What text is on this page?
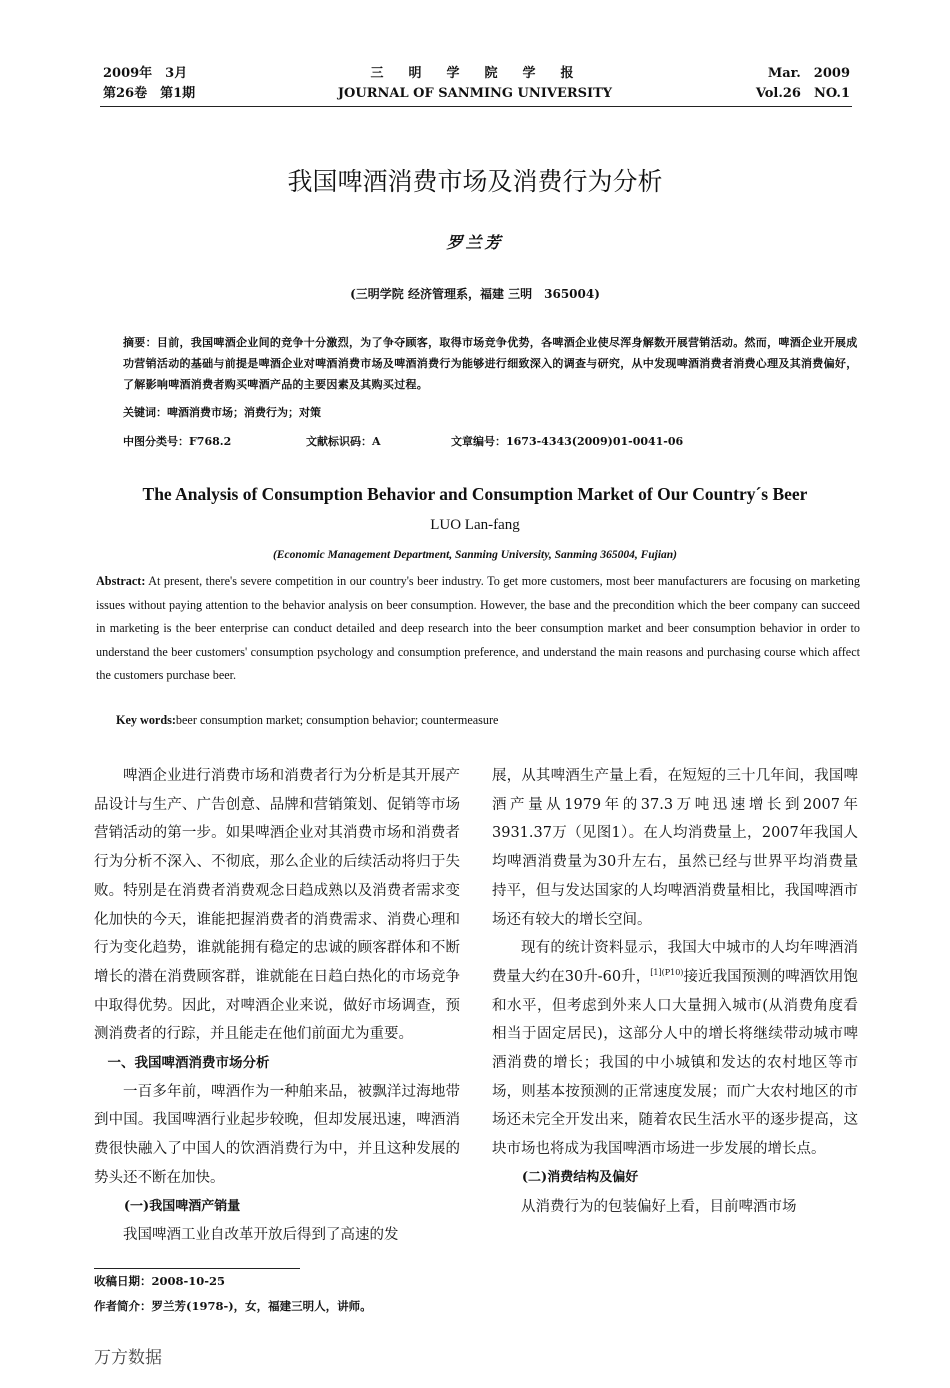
2009年　3月
第26卷　第1期
三　明　学　院　学　报
JOURNAL OF SANMING UNIVERSITY
Mar.　2009
Vol.26　NO.1
我国啤酒消费市场及消费行为分析
罗兰芳
(三明学院 经济管理系，福建 三明　365004)
摘要：目前，我国啤酒企业间的竞争十分激烈，为了争夺顾客，取得市场竞争优势，各啤酒企业使尽浑身解数开展营销活动。然而，啤酒企业开展成功营销活动的基础与前提是啤酒企业对啤酒消费市场及啤酒消费行为能够进行细致深入的调查与研究，从中发现啤酒消费者消费心理及其消费偏好，了解影响啤酒消费者购买啤酒产品的主要因素及其购买过程。
关键词：啤酒消费市场；消费行为；对策
中图分类号：F768.2	文献标识码：A	文章编号：1673-4343(2009)01-0041-06
The Analysis of Consumption Behavior and Consumption Market of Our Country´s Beer
LUO Lan-fang
(Economic Management Department, Sanming University, Sanming 365004, Fujian)
Abstract: At present, there's severe competition in our country's beer industry. To get more customers, most beer manufacturers are focusing on marketing issues without paying attention to the behavior analysis on beer consumption. However, the base and the precondition which the beer company can succeed in marketing is the beer enterprise can conduct detailed and deep research into the beer consumption market and beer consumption behavior in order to understand the beer customers' consumption psychology and consumption preference, and understand the main reasons and purchasing course which affect the customers purchase beer.
Key words:beer consumption market; consumption behavior; countermeasure

啤酒企业进行消费市场和消费者行为分析是其开展产品设计与生产、广告创意、品牌和营销策划、促销等市场营销活动的第一步。如果啤酒企业对其消费市场和消费者行为分析不深入、不彻底，那么企业的后续活动将归于失败。特别是在消费者消费观念日趋成熟以及消费者需求变化加快的今天，谁能把握消费者的消费需求、消费心理和行为变化趋势，谁就能拥有稳定的忠诚的顾客群体和不断增长的潜在消费顾客群，谁就能在日趋白热化的市场竞争中取得优势。因此，对啤酒企业来说，做好市场调查，预测消费者的行踪，并且能走在他们前面尤为重要。

一、我国啤酒消费市场分析

一百多年前，啤酒作为一种舶来品，被飘洋过海地带到中国。我国啤酒行业起步较晚，但却发展迅速，啤酒消费很快融入了中国人的饮酒消费行为中，并且这种发展的势头还不断在加快。

(一)我国啤酒产销量

我国啤酒工业自改革开放后得到了高速的发

展，从其啤酒生产量上看，在短短的三十几年间，我国啤酒产量从1979年的37.3万吨迅速增长到2007年3931.37万（见图1）。在人均消费量上，2007年我国人均啤酒消费量为30升左右，虽然已经与世界平均消费量持平，但与发达国家的人均啤酒消费量相比，我国啤酒市场还有较大的增长空间。

现有的统计资料显示，我国大中城市的人均年啤酒消费量大约在30升-60升，$^{[1](P10)}$接近我国预测的啤酒饮用饱和水平，但考虑到外来人口大量拥入城市(从消费角度看相当于固定居民)，这部分人中的增长将继续带动城市啤酒消费的增长；我国的中小城镇和发达的农村地区等市场，则基本按预测的正常速度发展；而广大农村地区的市场还未完全开发出来，随着农民生活水平的逐步提高，这块市场也将成为我国啤酒市场进一步发展的增长点。

(二)消费结构及偏好

从消费行为的包装偏好上看，目前啤酒市场

收稿日期：2008-10-25
作者简介：罗兰芳(1978-)，女，福建三明人，讲师。
万方数据
